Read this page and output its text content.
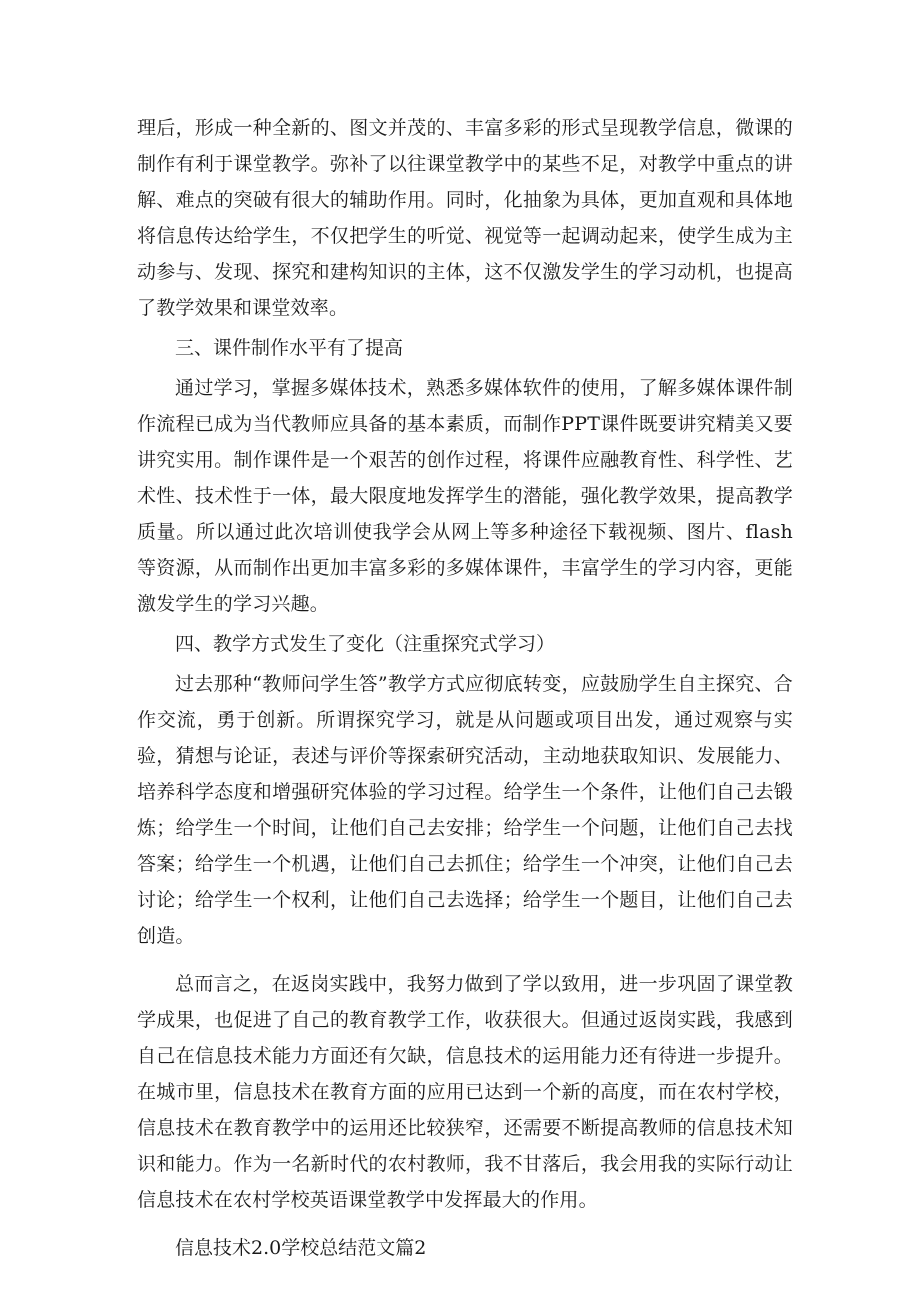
理后，形成一种全新的、图文并茂的、丰富多彩的形式呈现教学信息，微课的制作有利于课堂教学。弥补了以往课堂教学中的某些不足，对教学中重点的讲解、难点的突破有很大的辅助作用。同时，化抽象为具体，更加直观和具体地将信息传达给学生，不仅把学生的听觉、视觉等一起调动起来，使学生成为主动参与、发现、探究和建构知识的主体，这不仅激发学生的学习动机，也提高了教学效果和课堂效率。

三、课件制作水平有了提高

通过学习，掌握多媒体技术，熟悉多媒体软件的使用，了解多媒体课件制作流程已成为当代教师应具备的基本素质，而制作PPT课件既要讲究精美又要讲究实用。制作课件是一个艰苦的创作过程，将课件应融教育性、科学性、艺术性、技术性于一体，最大限度地发挥学生的潜能，强化教学效果，提高教学质量。所以通过此次培训使我学会从网上等多种途径下载视频、图片、flash等资源，从而制作出更加丰富多彩的多媒体课件，丰富学生的学习内容，更能激发学生的学习兴趣。

四、教学方式发生了变化（注重探究式学习）

过去那种“教师问学生答”教学方式应彻底转变，应鼓励学生自主探究、合作交流，勇于创新。所谓探究学习，就是从问题或项目出发，通过观察与实验，猜想与论证，表述与评价等探索研究活动，主动地获取知识、发展能力、培养科学态度和增强研究体验的学习过程。给学生一个条件，让他们自己去锻炼；给学生一个时间，让他们自己去安排；给学生一个问题，让他们自己去找答案；给学生一个机遇，让他们自己去抓住；给学生一个冲突，让他们自己去讨论；给学生一个权利，让他们自己去选择；给学生一个题目，让他们自己去创造。

总而言之，在返岗实践中，我努力做到了学以致用，进一步巩固了课堂教学成果，也促进了自己的教育教学工作，收获很大。但通过返岗实践，我感到自己在信息技术能力方面还有欠缺，信息技术的运用能力还有待进一步提升。在城市里，信息技术在教育方面的应用已达到一个新的高度，而在农村学校，信息技术在教育教学中的运用还比较狭窄，还需要不断提高教师的信息技术知识和能力。作为一名新时代的农村教师，我不甘落后，我会用我的实际行动让信息技术在农村学校英语课堂教学中发挥最大的作用。

信息技术2.0学校总结范文篇2
